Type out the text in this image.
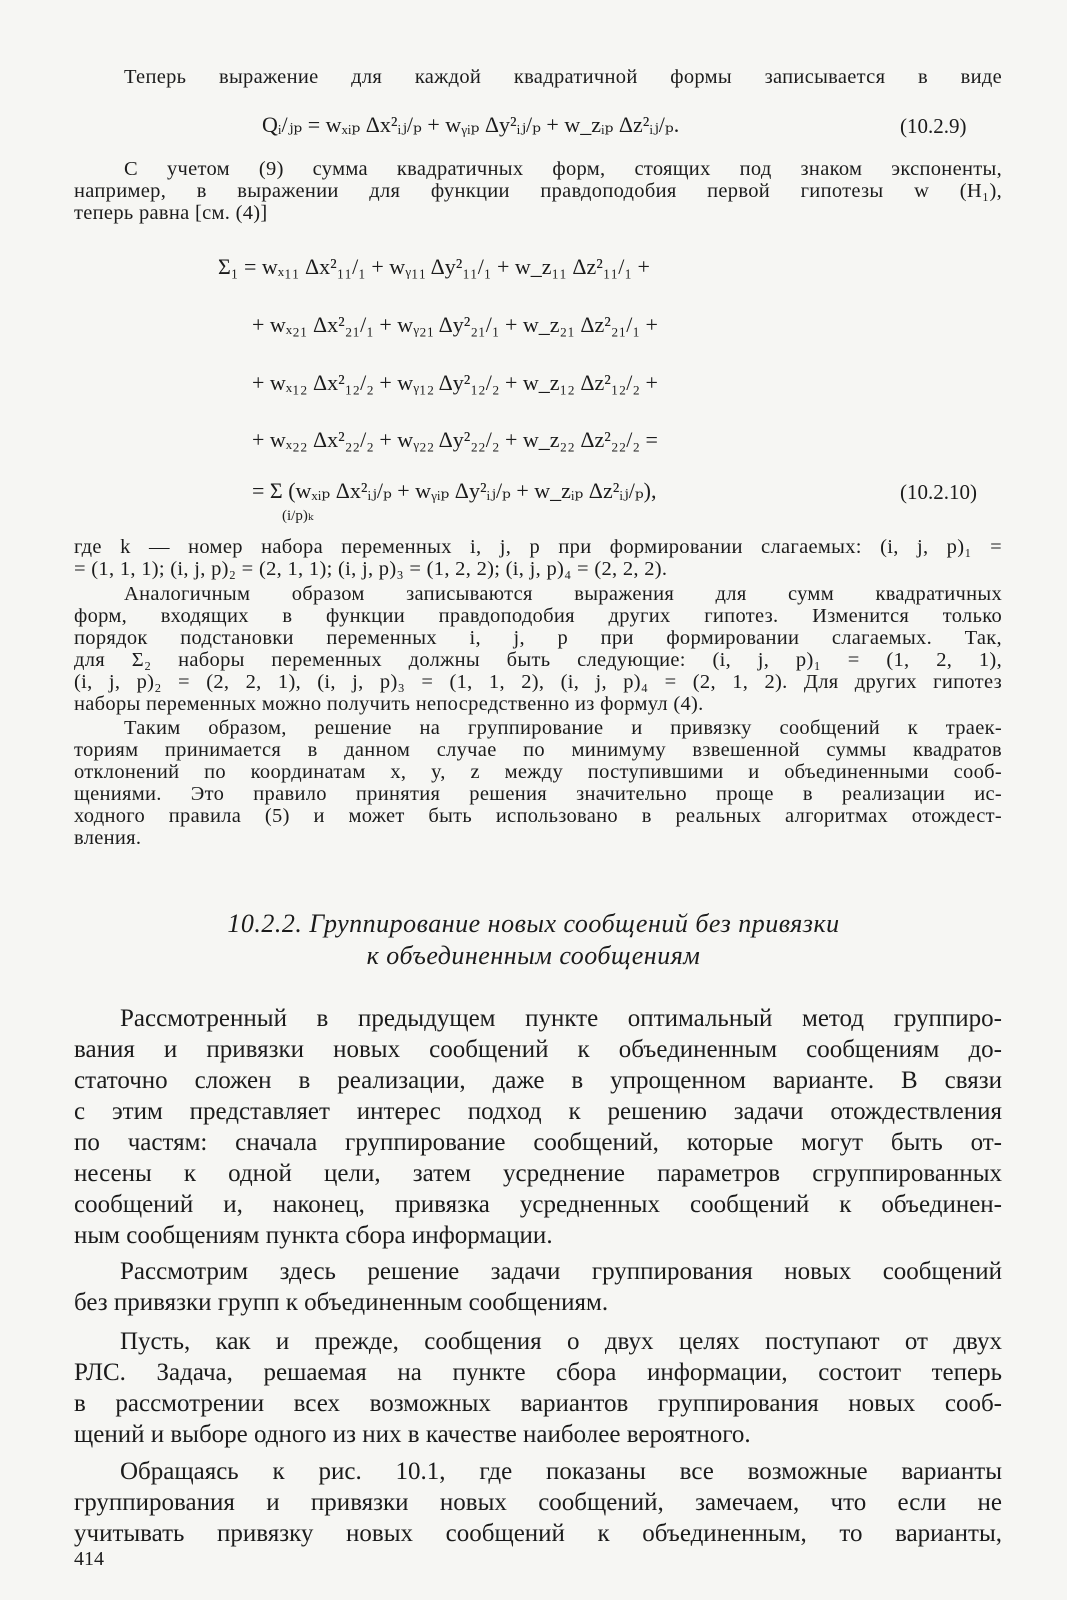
Теперь выражение для каждой квадратичной формы записывается в виде
Qᵢ/ⱼₚ = wₓᵢₚ Δx²ᵢⱼ/ₚ + wᵧᵢₚ Δy²ᵢⱼ/ₚ + w_zᵢₚ Δz²ᵢⱼ/ₚ.	(10.2.9)
С учетом (9) сумма квадратичных форм, стоящих под знаком экспоненты,
например, в выражении для функции правдоподобия первой гипотезы w (H₁),
теперь равна [см. (4)]
Σ₁ = wₓ₁₁ Δx²₁₁/₁ + wᵧ₁₁ Δy²₁₁/₁ + w_z₁₁ Δz²₁₁/₁ +
+ wₓ₂₁ Δx²₂₁/₁ + wᵧ₂₁ Δy²₂₁/₁ + w_z₂₁ Δz²₂₁/₁ +
+ wₓ₁₂ Δx²₁₂/₂ + wᵧ₁₂ Δy²₁₂/₂ + w_z₁₂ Δz²₁₂/₂ +
+ wₓ₂₂ Δx²₂₂/₂ + wᵧ₂₂ Δy²₂₂/₂ + w_z₂₂ Δz²₂₂/₂ =
= Σ (wₓᵢₚ Δx²ᵢⱼ/ₚ + wᵧᵢₚ Δy²ᵢⱼ/ₚ + w_zᵢₚ Δz²ᵢⱼ/ₚ),
(i/p)ₖ
(10.2.10)
где k — номер набора переменных i, j, p при формировании слагаемых: (i, j, p)₁ =
= (1, 1, 1); (i, j, p)₂ = (2, 1, 1); (i, j, p)₃ = (1, 2, 2); (i, j, p)₄ = (2, 2, 2).
Аналогичным образом записываются выражения для сумм квадратичных
форм, входящих в функции правдоподобия других гипотез. Изменится только
порядок подстановки переменных i, j, p при формировании слагаемых. Так,
для Σ₂ наборы переменных должны быть следующие: (i, j, p)₁ = (1, 2, 1),
(i, j, p)₂ = (2, 2, 1), (i, j, p)₃ = (1, 1, 2), (i, j, p)₄ = (2, 1, 2). Для других гипотез
наборы переменных можно получить непосредственно из формул (4).
Таким образом, решение на группирование и привязку сообщений к траек-
ториям принимается в данном случае по минимуму взвешенной суммы квадратов
отклонений по координатам x, y, z между поступившими и объединенными сооб-
щениями. Это правило принятия решения значительно проще в реализации ис-
ходного правила (5) и может быть использовано в реальных алгоритмах отождест-
вления.
10.2.2. Группирование новых сообщений без привязки
к объединенным сообщениям
Рассмотренный в предыдущем пункте оптимальный метод группиро-
вания и привязки новых сообщений к объединенным сообщениям до-
статочно сложен в реализации, даже в упрощенном варианте. В связи
с этим представляет интерес подход к решению задачи отождествления
по частям: сначала группирование сообщений, которые могут быть от-
несены к одной цели, затем усреднение параметров сгруппированных
сообщений и, наконец, привязка усредненных сообщений к объединен-
ным сообщениям пункта сбора информации.
Рассмотрим здесь решение задачи группирования новых сообщений
без привязки групп к объединенным сообщениям.
Пусть, как и прежде, сообщения о двух целях поступают от двух
РЛС. Задача, решаемая на пункте сбора информации, состоит теперь
в рассмотрении всех возможных вариантов группирования новых сооб-
щений и выборе одного из них в качестве наиболее вероятного.
Обращаясь к рис. 10.1, где показаны все возможные варианты
группирования и привязки новых сообщений, замечаем, что если не
учитывать привязку новых сообщений к объединенным, то варианты,
414
